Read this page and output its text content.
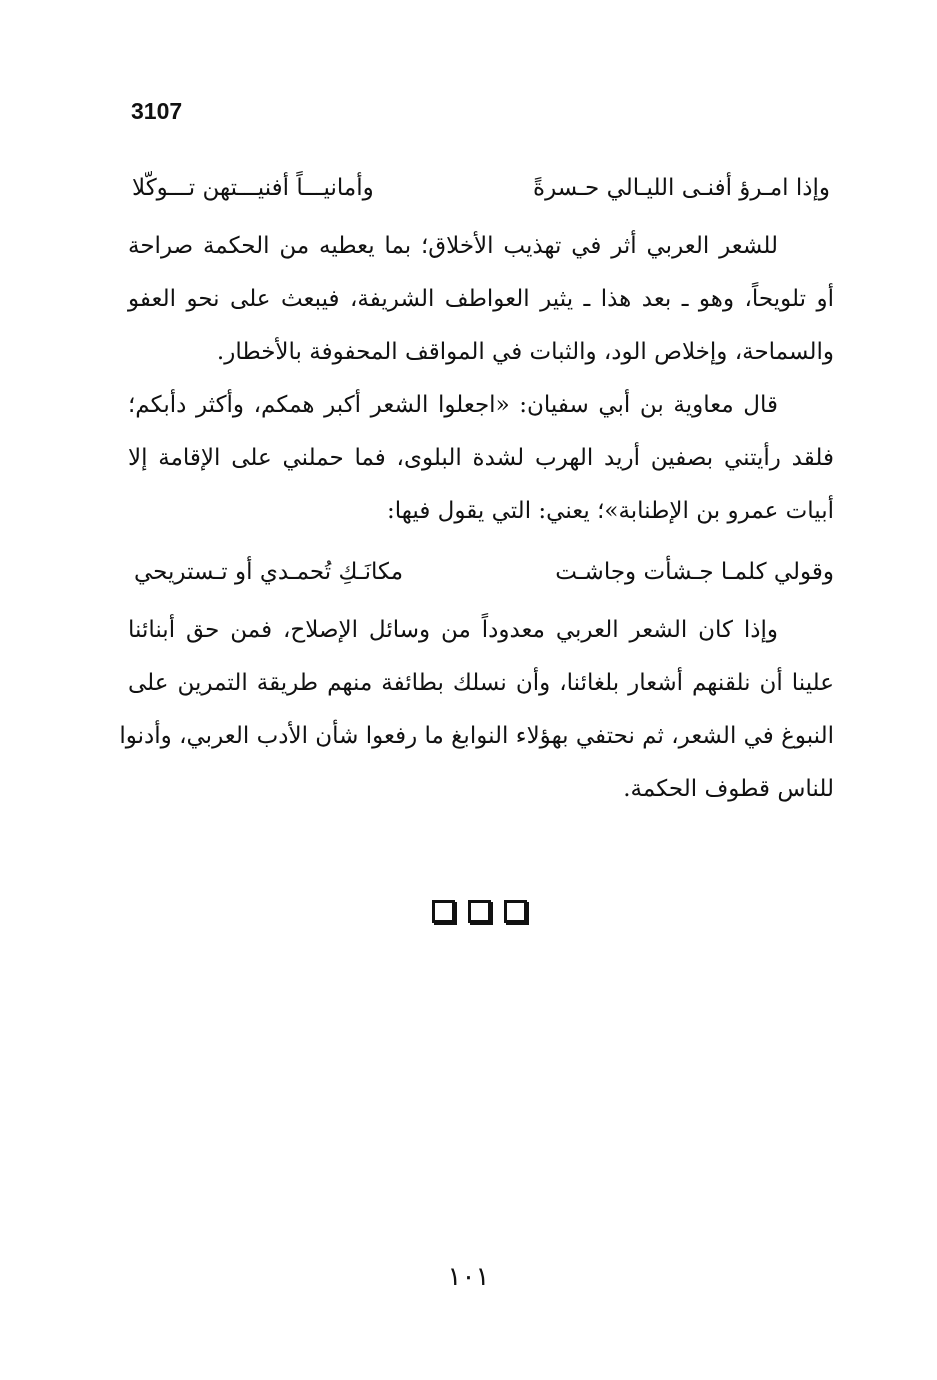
3107
وإذا امـرؤ أفنـى الليـالي حـسرةً
وأمانيـــاً أفنيـــتهن تـــوكّلا
للشعر العربي أثر في تهذيب الأخلاق؛ بما يعطيه من الحكمة صراحة
أو تلويحاً، وهو ـ بعد هذا ـ يثير العواطف الشريفة، فيبعث على نحو العفو
والسماحة، وإخلاص الود، والثبات في المواقف المحفوفة بالأخطار.
قال معاوية بن أبي سفيان: «اجعلوا الشعر أكبر همكم، وأكثر دأبكم؛
فلقد رأيتني بصفين أريد الهرب لشدة البلوى، فما حملني على الإقامة إلا
أبيات عمرو بن الإطنابة»؛ يعني: التي يقول فيها:
وقولي كلمـا جـشأت وجاشـت
مكانَـكِ تُحمـدي أو تـستريحي
وإذا كان الشعر العربي معدوداً من وسائل الإصلاح، فمن حق أبنائنا
علينا أن نلقنهم أشعار بلغائنا، وأن نسلك بطائفة منهم طريقة التمرين على
النبوغ في الشعر، ثم نحتفي بهؤلاء النوابغ ما رفعوا شأن الأدب العربي، وأدنوا
للناس قطوف الحكمة.
١٠١
